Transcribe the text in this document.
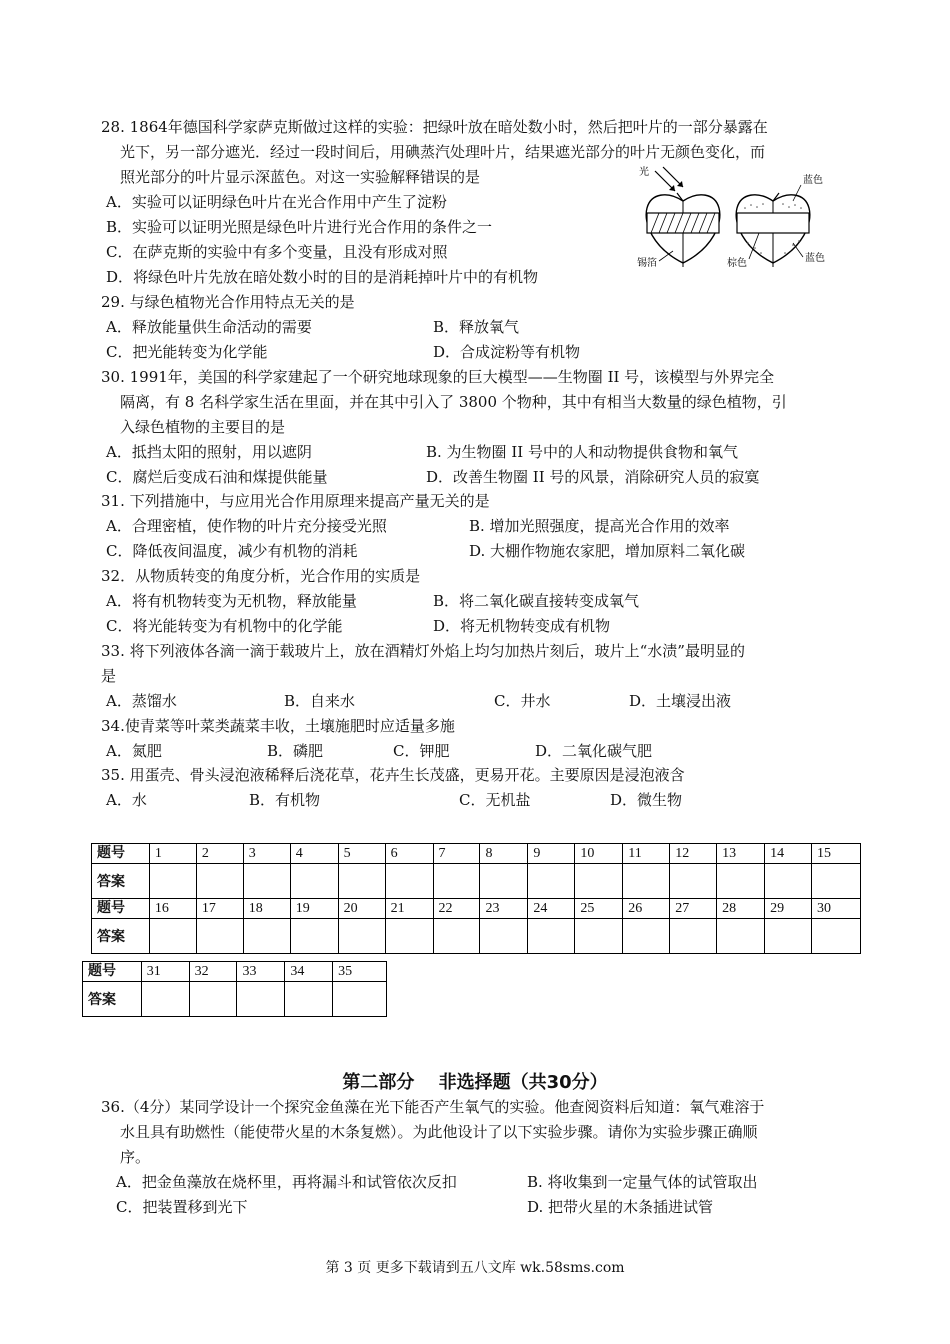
28. 1864年德国科学家萨克斯做过这样的实验：把绿叶放在暗处数小时，然后把叶片的一部分暴露在
光下，另一部分遮光．经过一段时间后，用碘蒸汽处理叶片，结果遮光部分的叶片无颜色变化，而
照光部分的叶片显示深蓝色。对这一实验解释错误的是
A．实验可以证明绿色叶片在光合作用中产生了淀粉
B．实验可以证明光照是绿色叶片进行光合作用的条件之一
C．在萨克斯的实验中有多个变量，且没有形成对照
D．将绿色叶片先放在暗处数小时的目的是消耗掉叶片中的有机物
光
锡箔
蓝色
棕色	蓝色
29. 与绿色植物光合作用特点无关的是
A．释放能量供生命活动的需要	B．释放氧气
C．把光能转变为化学能	D．合成淀粉等有机物
30. 1991年，美国的科学家建起了一个研究地球现象的巨大模型——生物圈 II 号，该模型与外界完全
隔离，有 8 名科学家生活在里面，并在其中引入了 3800 个物种，其中有相当大数量的绿色植物，引
入绿色植物的主要目的是
A．抵挡太阳的照射，用以遮阴	B. 为生物圈 II 号中的人和动物提供食物和氧气
C．腐烂后变成石油和煤提供能量	D．改善生物圈 II 号的风景，消除研究人员的寂寞
31. 下列措施中，与应用光合作用原理来提高产量无关的是
A．合理密植，使作物的叶片充分接受光照	B. 增加光照强度，提高光合作用的效率
C．降低夜间温度，减少有机物的消耗	D. 大棚作物施农家肥，增加原料二氧化碳
32．从物质转变的角度分析，光合作用的实质是
A．将有机物转变为无机物，释放能量	B．将二氧化碳直接转变成氧气
C．将光能转变为有机物中的化学能	D．将无机物转变成有机物
33. 将下列液体各滴一滴于载玻片上，放在酒精灯外焰上均匀加热片刻后，玻片上“水渍”最明显的
是
A．蒸馏水	B．自来水	C．井水	D．土壤浸出液
34.使青菜等叶菜类蔬菜丰收，土壤施肥时应适量多施
A．氮肥	B．磷肥	C．钾肥	D．二氧化碳气肥
35. 用蛋壳、骨头浸泡液稀释后浇花草，花卉生长茂盛，更易开花。主要原因是浸泡液含
A．水	B．有机物	C．无机盐	D．微生物
题号	1	2	3	4	5	6	7	8	9	10	11	12	13	14	15
答案															
题号	16	17	18	19	20	21	22	23	24	25	26	27	28	29	30
答案															
题号	31	32	33	34	35
答案					
第二部分　 非选择题（共30分）
36.（4分）某同学设计一个探究金鱼藻在光下能否产生氧气的实验。他查阅资料后知道：氧气难溶于
水且具有助燃性（能使带火星的木条复燃）。为此他设计了以下实验步骤。请你为实验步骤正确顺
序。
A．把金鱼藻放在烧杯里，再将漏斗和试管依次反扣	B. 将收集到一定量气体的试管取出
C．把装置移到光下	D. 把带火星的木条插进试管
第 3 页 更多下载请到五八文库 wk.58sms.com
